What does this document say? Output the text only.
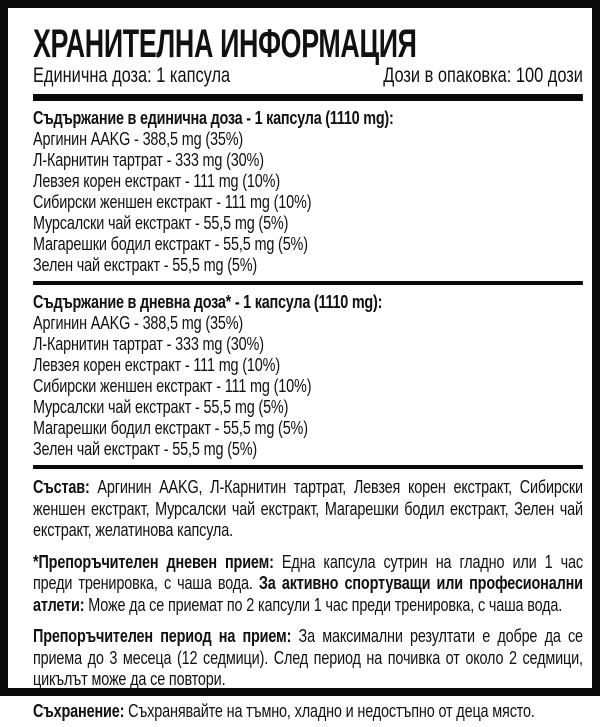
ХРАНИТЕЛНА ИНФОРМАЦИЯ
Единична доза: 1 капсула	Дози в опаковка: 100 дози
Съдържание в единична доза - 1 капсула (1110 mg):
Аргинин AAKG - 388,5 mg (35%)
Л-Карнитин тартрат - 333 mg (30%)
Левзея корен екстракт - 111 mg (10%)
Сибирски женшен екстракт - 111 mg (10%)
Мурсалски чай екстракт - 55,5 mg (5%)
Магарешки бодил екстракт - 55,5 mg (5%)
Зелен чай екстракт - 55,5 mg (5%)
Съдържание в дневна доза* - 1 капсула (1110 mg):
Аргинин AAKG - 388,5 mg (35%)
Л-Карнитин тартрат - 333 mg (30%)
Левзея корен екстракт - 111 mg (10%)
Сибирски женшен екстракт - 111 mg (10%)
Мурсалски чай екстракт - 55,5 mg (5%)
Магарешки бодил екстракт - 55,5 mg (5%)
Зелен чай екстракт - 55,5 mg (5%)

Състав: Аргинин AAKG, Л-Карнитин тартрат, Левзея корен екстракт, Сибирски женшен екстракт, Мурсалски чай екстракт, Магарешки бодил екстракт, Зелен чай екстракт, желатинова капсула.

*Препоръчителен дневен прием: Една капсула сутрин на гладно или 1 час преди тренировка, с чаша вода. За активно спортуващи или професионални атлети: Може да се приемат по 2 капсули 1 час преди тренировка, с чаша вода.

Препоръчителен период на прием: За максимални резултати е добре да се приема до 3 месеца (12 седмици). След период на почивка от около 2 седмици, цикълът може да се повтори.

Съхранение: Съхранявайте на тъмно, хладно и недостъпно от деца място.
